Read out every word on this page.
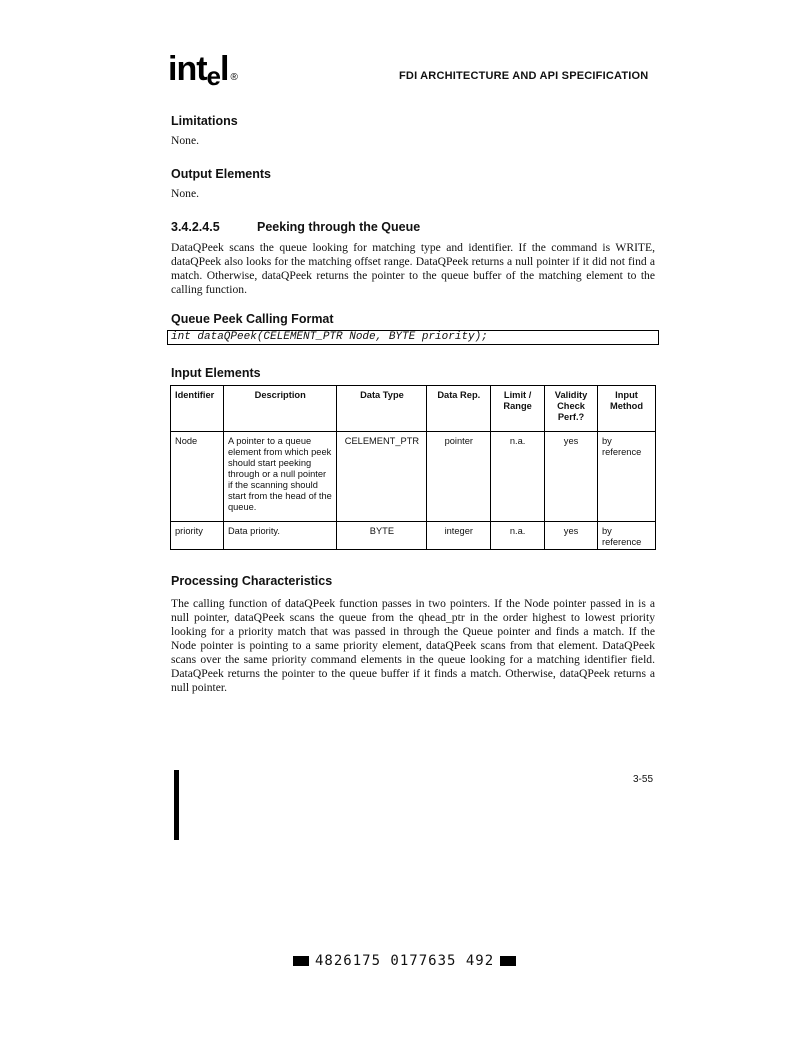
intel ®	FDI ARCHITECTURE AND API SPECIFICATION
Limitations
None.
Output Elements
None.
3.4.2.4.5	Peeking through the Queue
DataQPeek scans the queue looking for matching type and identifier. If the command is WRITE, dataQPeek also looks for the matching offset range. DataQPeek returns a null pointer if it did not find a match. Otherwise, dataQPeek returns the pointer to the queue buffer of the matching element to the calling function.
Queue Peek Calling Format
int dataQPeek(CELEMENT_PTR Node, BYTE priority);
Input Elements
Identifier	Description	Data Type	Data Rep.	Limit / Range	Validity Check Perf.?	Input Method
Node	A pointer to a queue element from which peek should start peeking through or a null pointer if the scanning should start from the head of the queue.	CELEMENT_PTR	pointer	n.a.	yes	by reference
priority	Data priority.	BYTE	integer	n.a.	yes	by reference
Processing Characteristics
The calling function of dataQPeek function passes in two pointers. If the Node pointer passed in is a null pointer, dataQPeek scans the queue from the qhead_ptr in the order highest to lowest priority looking for a priority match that was passed in through the Queue pointer and finds a match. If the Node pointer is pointing to a same priority element, dataQPeek scans from that element. DataQPeek scans over the same priority command elements in the queue looking for a matching identifier field. DataQPeek returns the pointer to the queue buffer if it finds a match. Otherwise, dataQPeek returns a null pointer.
3-55
4826175 0177635 492
